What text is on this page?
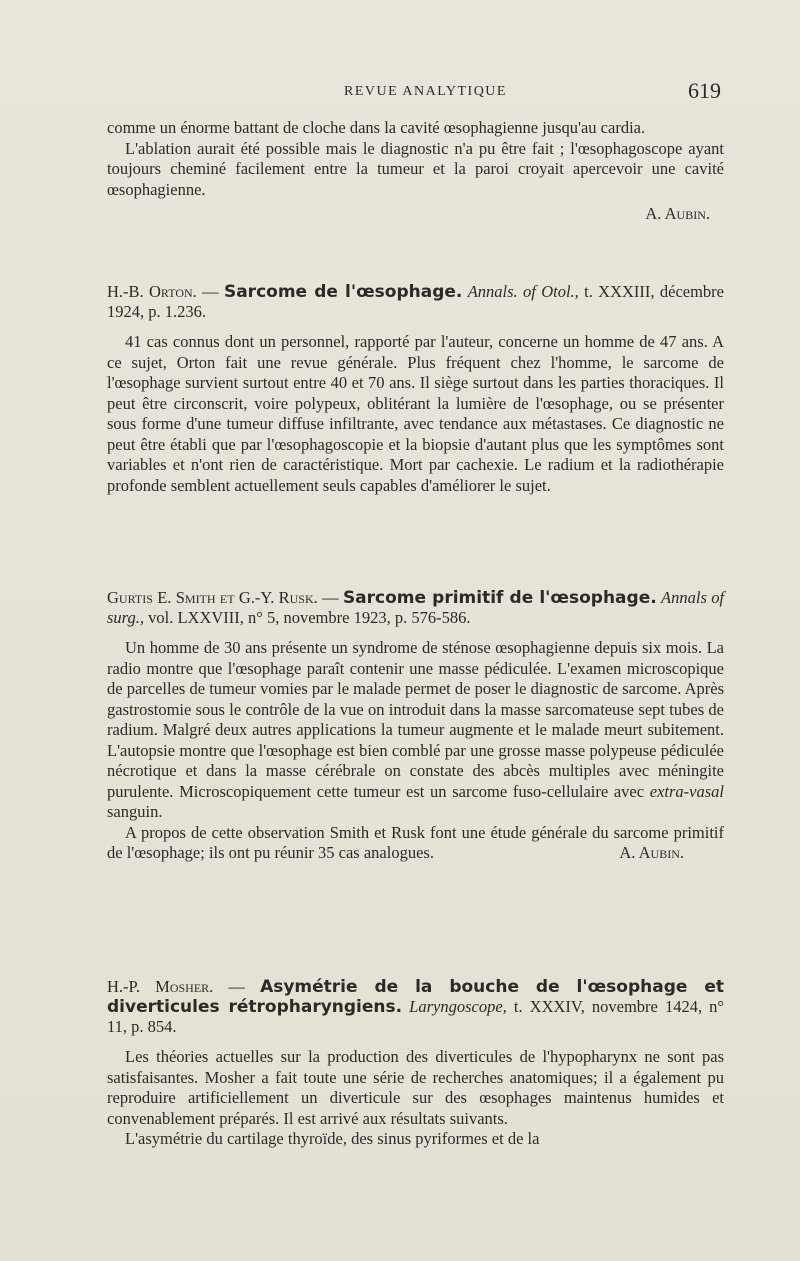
REVUE ANALYTIQUE	619

comme un énorme battant de cloche dans la cavité œsophagienne jusqu'au cardia.

L'ablation aurait été possible mais le diagnostic n'a pu être fait ; l'œsophagoscope ayant toujours cheminé facilement entre la tumeur et la paroi croyait apercevoir une cavité œsophagienne.

A. Aubin.

H.-B. Orton. — Sarcome de l'œsophage. Annals. of Otol., t. XXXIII, décembre 1924, p. 1.236.

41 cas connus dont un personnel, rapporté par l'auteur, concerne un homme de 47 ans. A ce sujet, Orton fait une revue générale. Plus fréquent chez l'homme, le sarcome de l'œsophage survient surtout entre 40 et 70 ans. Il siège surtout dans les parties thoraciques. Il peut être circonscrit, voire polypeux, oblitérant la lumière de l'œsophage, ou se présenter sous forme d'une tumeur diffuse infiltrante, avec tendance aux métastases. Ce diagnostic ne peut être établi que par l'œsophagoscopie et la biopsie d'autant plus que les symptômes sont variables et n'ont rien de caractéristique. Mort par cachexie. Le radium et la radiothérapie profonde semblent actuellement seuls capables d'améliorer le sujet.

Gurtis E. Smith et G.-Y. Rusk. — Sarcome primitif de l'œsophage. Annals of surg., vol. LXXVIII, n° 5, novembre 1923, p. 576-586.

Un homme de 30 ans présente un syndrome de sténose œsophagienne depuis six mois. La radio montre que l'œsophage paraît contenir une masse pédiculée. L'examen microscopique de parcelles de tumeur vomies par le malade permet de poser le diagnostic de sarcome. Après gastrostomie sous le contrôle de la vue on introduit dans la masse sarcomateuse sept tubes de radium. Malgré deux autres applications la tumeur augmente et le malade meurt subitement. L'autopsie montre que l'œsophage est bien comblé par une grosse masse polypeuse pédiculée nécrotique et dans la masse cérébrale on constate des abcès multiples avec méningite purulente. Microscopiquement cette tumeur est un sarcome fuso-cellulaire avec extra-vasal sanguin.

A propos de cette observation Smith et Rusk font une étude générale du sarcome primitif de l'œsophage; ils ont pu réunir 35 cas analogues.	A. Aubin.

H.-P. Mosher. — Asymétrie de la bouche de l'œsophage et diverticules rétropharyngiens. Laryngoscope, t. XXXIV, novembre 1424, n° 11, p. 854.

Les théories actuelles sur la production des diverticules de l'hypopharynx ne sont pas satisfaisantes. Mosher a fait toute une série de recherches anatomiques; il a également pu reproduire artificiellement un diverticule sur des œsophages maintenus humides et convenablement préparés. Il est arrivé aux résultats suivants.

L'asymétrie du cartilage thyroïde, des sinus pyriformes et de la
